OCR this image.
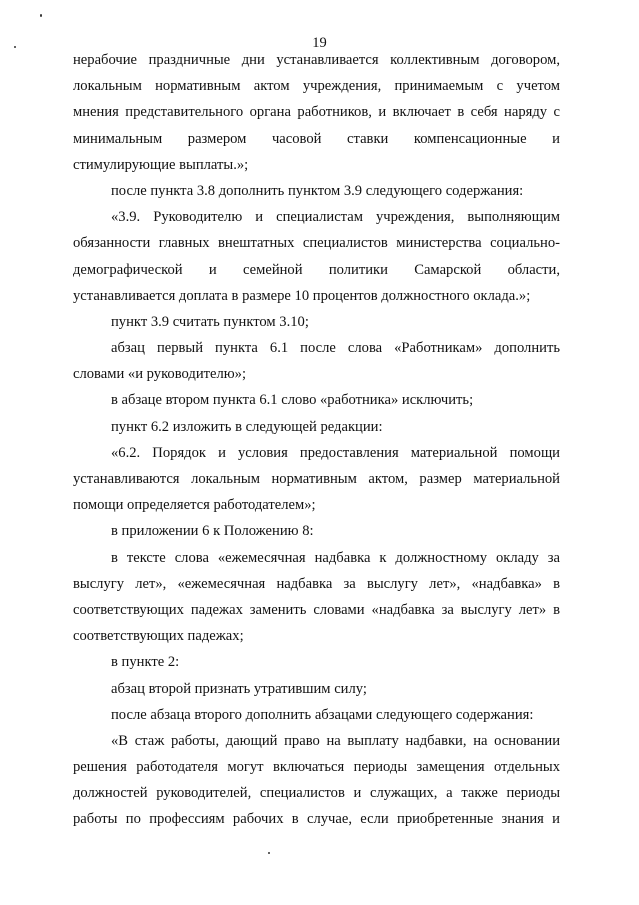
19
нерабочие праздничные дни устанавливается коллективным договором,
локальным нормативным актом учреждения, принимаемым с учетом
мнения представительного органа работников, и включает в себя наряду с
минимальным размером часовой ставки компенсационные и
стимулирующие выплаты.»;
после пункта 3.8 дополнить пунктом 3.9 следующего содержания:
«3.9. Руководителю и специалистам учреждения, выполняющим
обязанности главных внештатных специалистов министерства социально-
демографической и семейной политики Самарской области,
устанавливается доплата в размере 10 процентов должностного оклада.»;
пункт 3.9 считать пунктом 3.10;
абзац первый пункта 6.1 после слова «Работникам» дополнить
словами «и руководителю»;
в абзаце втором пункта 6.1 слово «работника» исключить;
пункт 6.2 изложить в следующей редакции:
«6.2. Порядок и условия предоставления материальной помощи
устанавливаются локальным нормативным актом, размер материальной
помощи определяется работодателем»;
в приложении 6 к Положению 8:
в тексте слова «ежемесячная надбавка к должностному окладу за
выслугу лет», «ежемесячная надбавка за выслугу лет», «надбавка» в
соответствующих падежах заменить словами «надбавка за выслугу лет» в
соответствующих падежах;
в пункте 2:
абзац второй признать утратившим силу;
после абзаца второго дополнить абзацами следующего содержания:
«В стаж работы, дающий право на выплату надбавки, на основании
решения работодателя могут включаться периоды замещения отдельных
должностей руководителей, специалистов и служащих, а также периоды
работы по профессиям рабочих в случае, если приобретенные знания и
